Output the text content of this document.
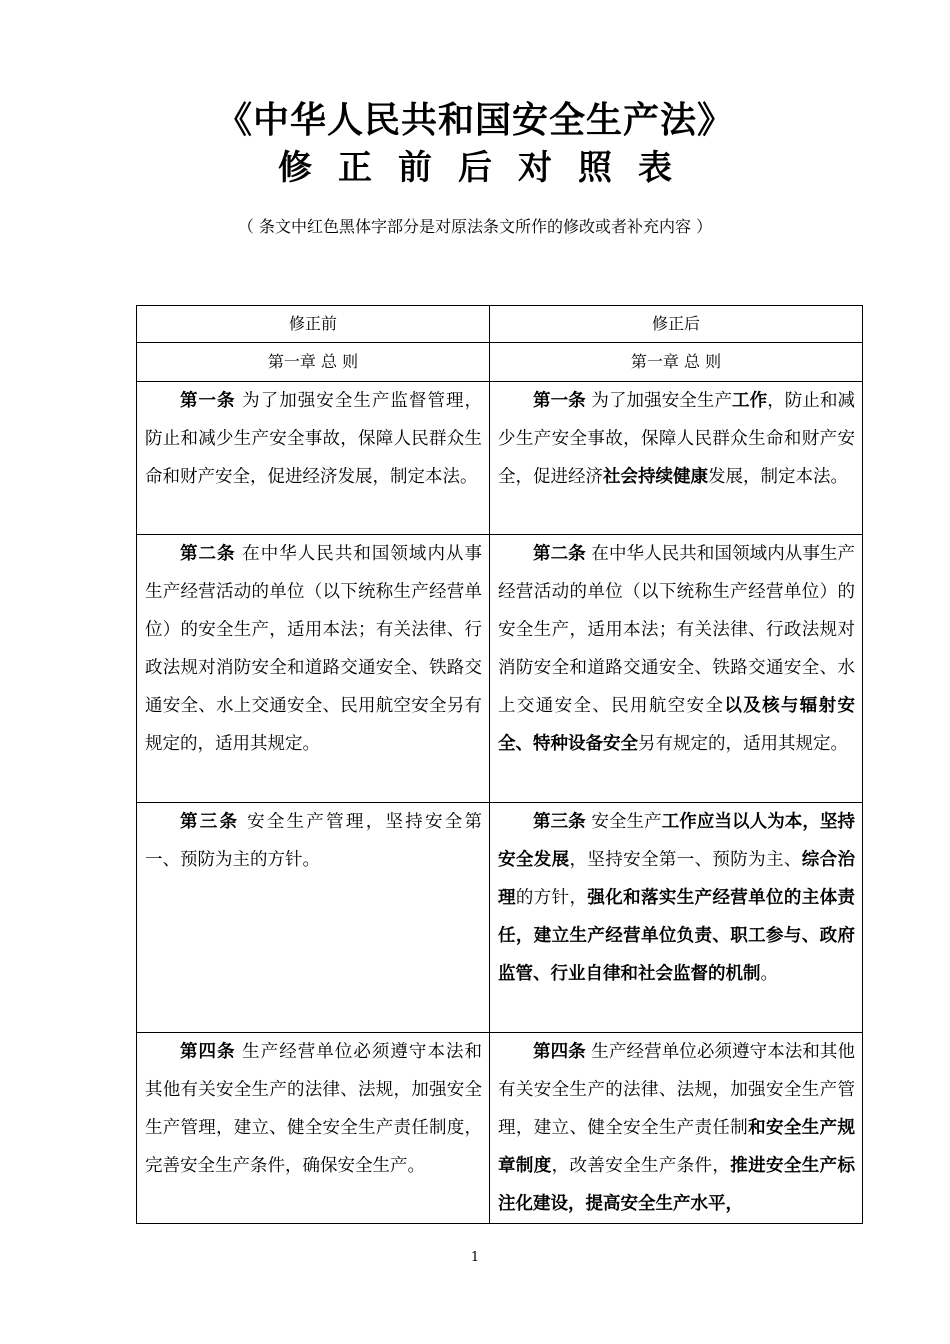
《中华人民共和国安全生产法》
修正前后对照表
（ 条文中红色黑体字部分是对原法条文所作的修改或者补充内容 ）
修正前	修正后
第一章 总 则	第一章 总 则

第一条 为了加强安全生产监督管理，防止和减少生产安全事故，保障人民群众生命和财产安全，促进经济发展，制定本法。	第一条 为了加强安全生产工作，防止和减少生产安全事故，保障人民群众生命和财产安全，促进经济社会持续健康发展，制定本法。

第二条 在中华人民共和国领域内从事生产经营活动的单位（以下统称生产经营单位）的安全生产，适用本法；有关法律、行政法规对消防安全和道路交通安全、铁路交通安全、水上交通安全、民用航空安全另有规定的，适用其规定。	第二条 在中华人民共和国领域内从事生产经营活动的单位（以下统称生产经营单位）的安全生产，适用本法；有关法律、行政法规对消防安全和道路交通安全、铁路交通安全、水上交通安全、民用航空安全以及核与辐射安全、特种设备安全另有规定的，适用其规定。

第三条 安全生产管理，坚持安全第一、预防为主的方针。	第三条 安全生产工作应当以人为本，坚持安全发展，坚持安全第一、预防为主、综合治理的方针，强化和落实生产经营单位的主体责任，建立生产经营单位负责、职工参与、政府监管、行业自律和社会监督的机制。

第四条 生产经营单位必须遵守本法和其他有关安全生产的法律、法规，加强安全生产管理，建立、健全安全生产责任制度，完善安全生产条件，确保安全生产。	第四条 生产经营单位必须遵守本法和其他有关安全生产的法律、法规，加强安全生产管理，建立、健全安全生产责任制和安全生产规章制度，改善安全生产条件，推进安全生产标注化建设，提高安全生产水平，
1
